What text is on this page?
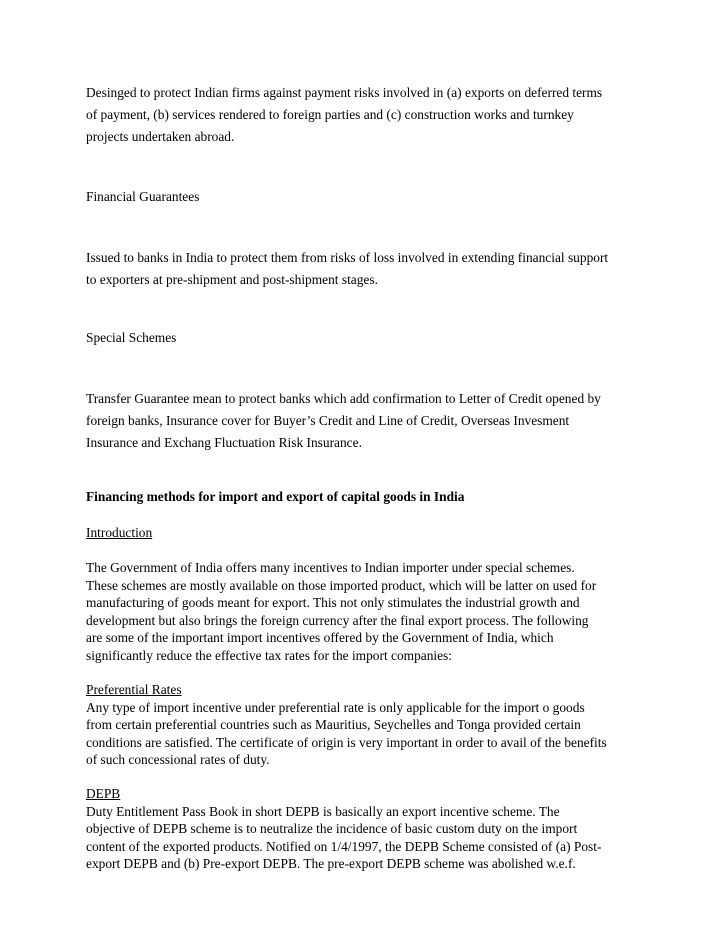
Desinged to protect Indian firms against payment risks involved in (a) exports on deferred terms
of payment, (b) services rendered to foreign parties and (c) construction works and turnkey
projects undertaken abroad.

Financial Guarantees

Issued to banks in India to protect them from risks of loss involved in extending financial support
to exporters at pre-shipment and post-shipment stages.

Special Schemes

Transfer Guarantee mean to protect banks which add confirmation to Letter of Credit opened by
foreign banks, Insurance cover for Buyer’s Credit and Line of Credit, Overseas Invesment
Insurance and Exchang Fluctuation Risk Insurance.

Financing methods for import and export of capital goods in India

Introduction

The Government of India offers many incentives to Indian importer under special schemes.
These schemes are mostly available on those imported product, which will be latter on used for
manufacturing of goods meant for export. This not only stimulates the industrial growth and
development but also brings the foreign currency after the final export process. The following
are some of the important import incentives offered by the Government of India, which
significantly reduce the effective tax rates for the import companies:

Preferential Rates
Any type of import incentive under preferential rate is only applicable for the import o goods
from certain preferential countries such as Mauritius, Seychelles and Tonga provided certain
conditions are satisfied. The certificate of origin is very important in order to avail of the benefits
of such concessional rates of duty.

DEPB
Duty Entitlement Pass Book in short DEPB is basically an export incentive scheme. The
objective of DEPB scheme is to neutralize the incidence of basic custom duty on the import
content of the exported products. Notified on 1/4/1997, the DEPB Scheme consisted of (a) Post-
export DEPB and (b) Pre-export DEPB. The pre-export DEPB scheme was abolished w.e.f.
